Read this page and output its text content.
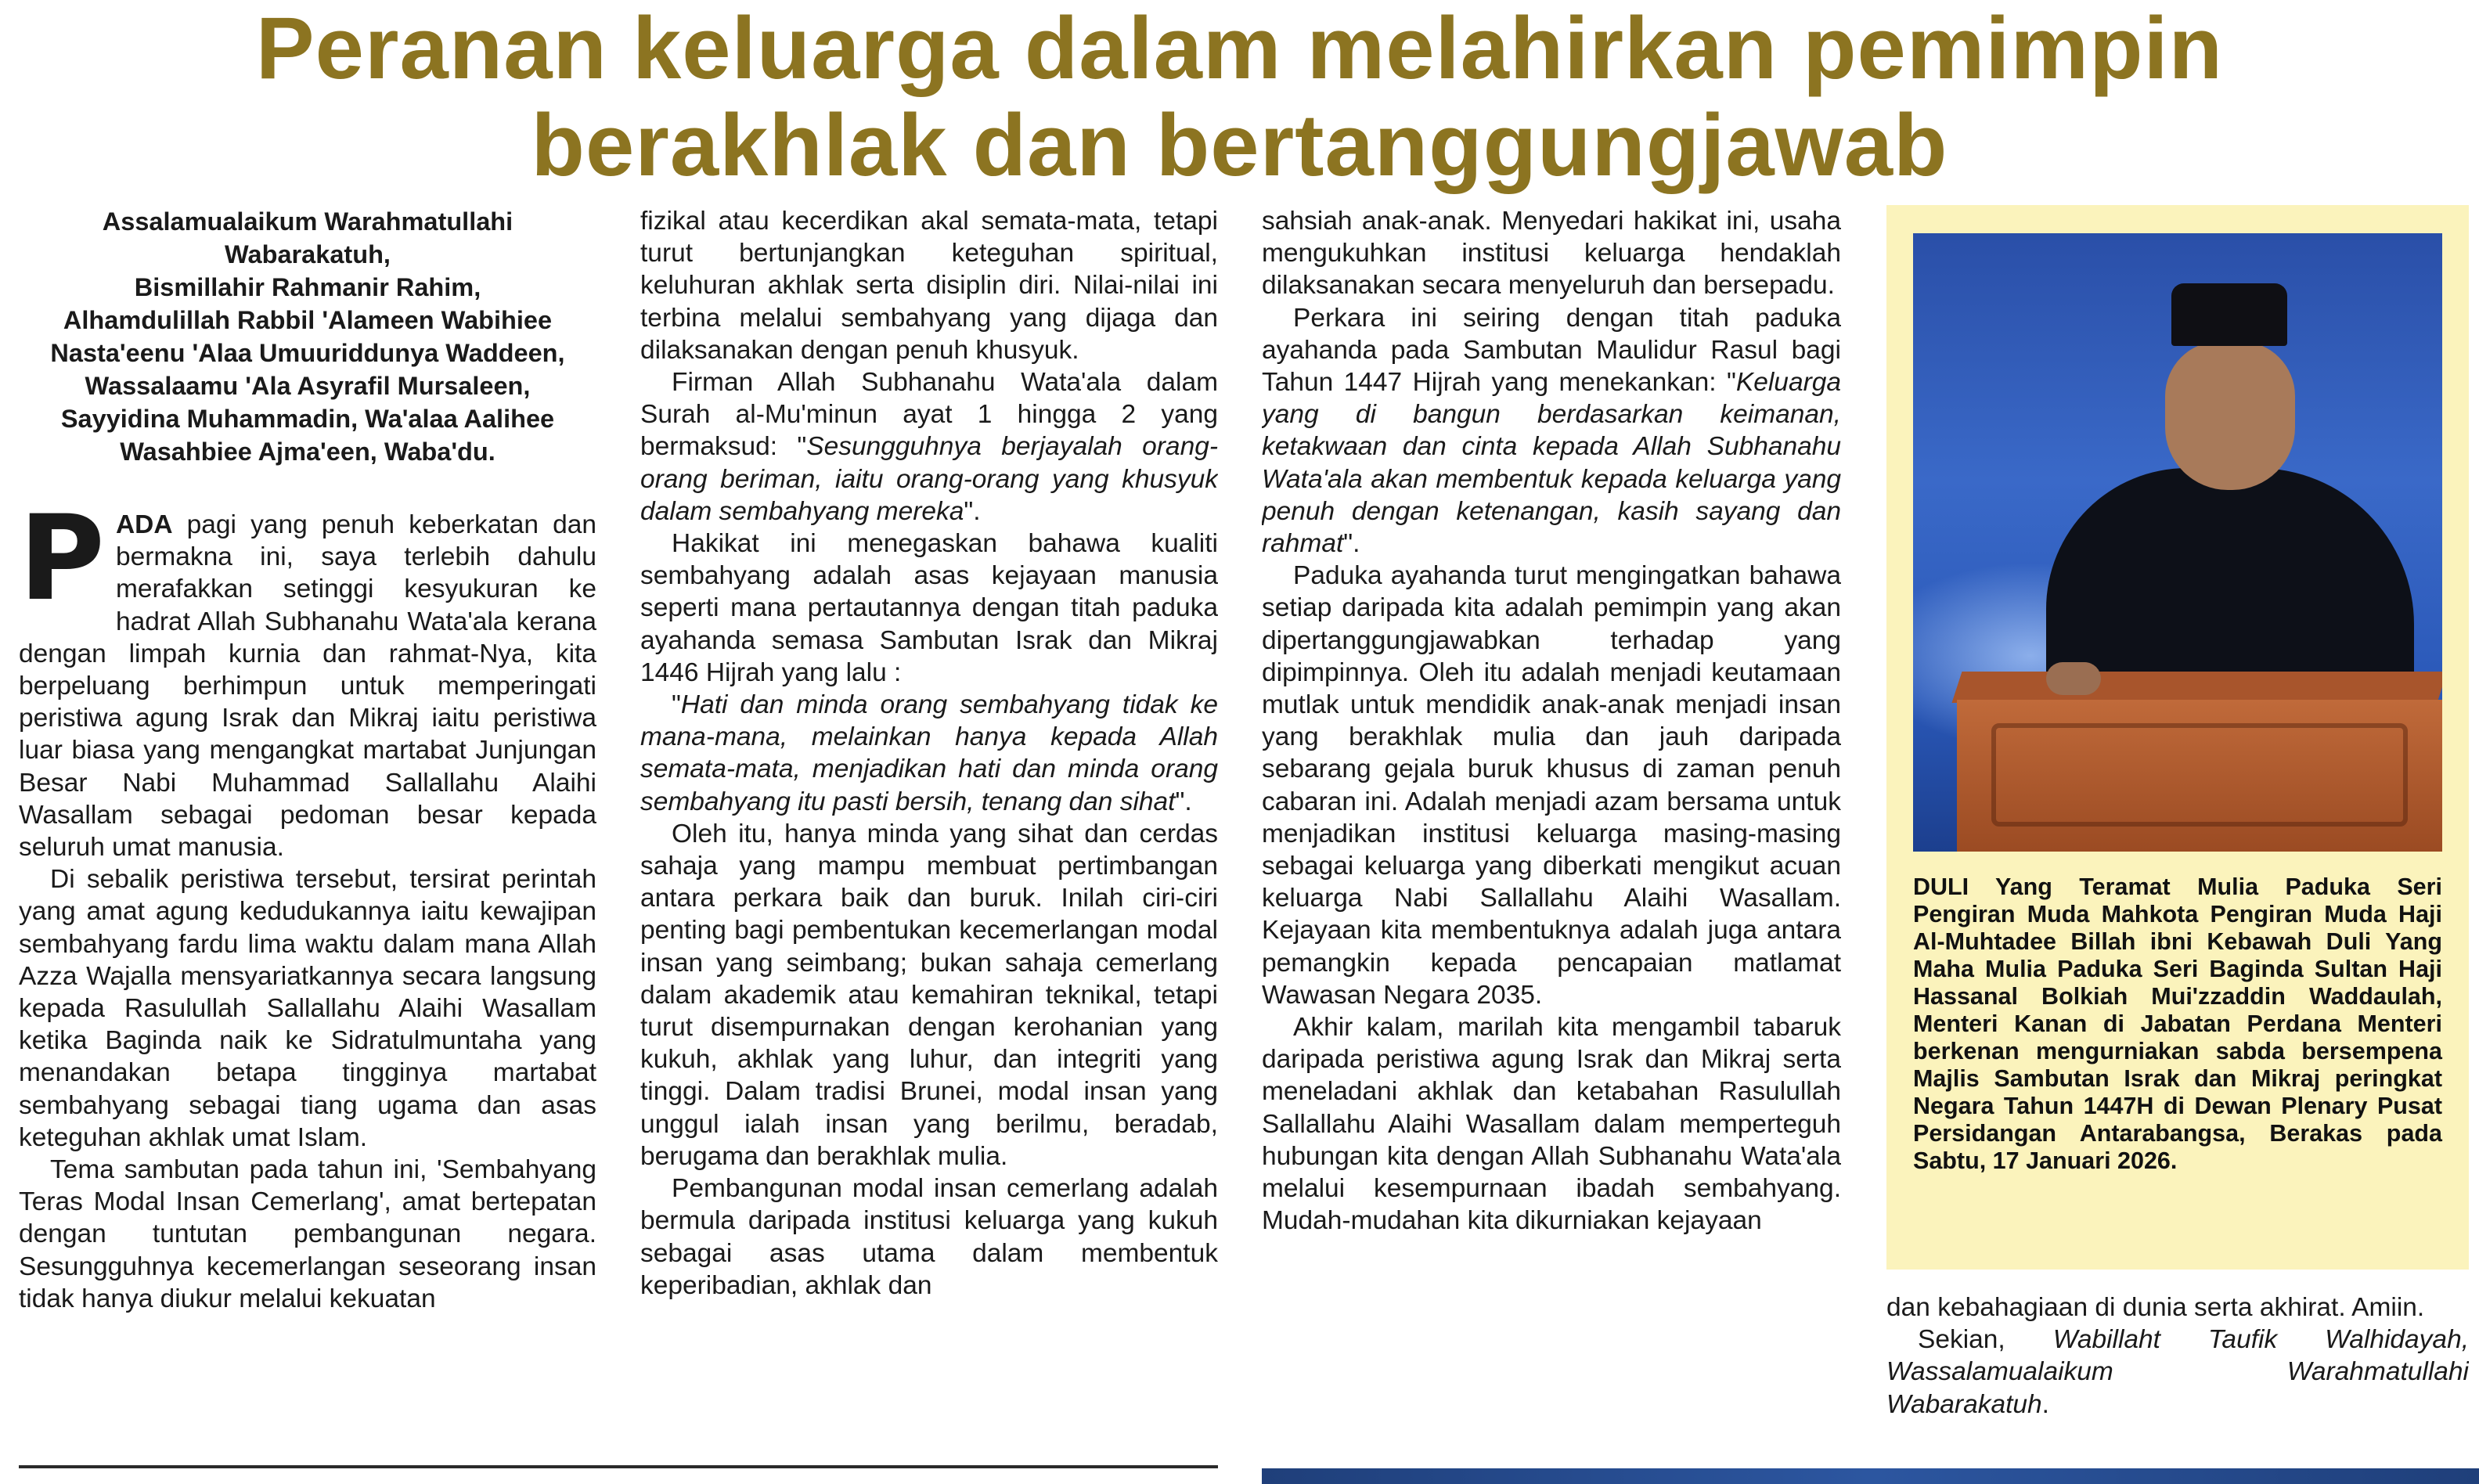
Peranan keluarga dalam melahirkan pemimpin
berakhlak dan bertanggungjawab
Assalamualaikum Warahmatullahi Wabarakatuh,
Bismillahir Rahmanir Rahim,
Alhamdulillah Rabbil 'Alameen Wabihiee Nasta'eenu 'Alaa Umuuriddunya Waddeen, Wassalaamu 'Ala Asyrafil Mursaleen, Sayyidina Muhammadin, Wa'alaa Aalihee Wasahbiee Ajma'een, Waba'du.

PADA pagi yang penuh keberkatan dan bermakna ini, saya terlebih dahulu merafakkan setinggi kesyukuran ke hadrat Allah Subhanahu Wata'ala kerana dengan limpah kurnia dan rahmat-Nya, kita berpeluang berhimpun untuk memperingati peristiwa agung Israk dan Mikraj iaitu peristiwa luar biasa yang mengangkat martabat Junjungan Besar Nabi Muhammad Sallallahu Alaihi Wasallam sebagai pedoman besar kepada seluruh umat manusia.

Di sebalik peristiwa tersebut, tersirat perintah yang amat agung kedudukannya iaitu kewajipan sembahyang fardu lima waktu dalam mana Allah Azza Wajalla mensyariatkannya secara langsung kepada Rasulullah Sallallahu Alaihi Wasallam ketika Baginda naik ke Sidratulmuntaha yang menandakan betapa tingginya martabat sembahyang sebagai tiang ugama dan asas keteguhan akhlak umat Islam.

Tema sambutan pada tahun ini, 'Sembahyang Teras Modal Insan Cemerlang', amat bertepatan dengan tuntutan pembangunan negara. Sesungguhnya kecemerlangan seseorang insan tidak hanya diukur melalui kekuatan

fizikal atau kecerdikan akal semata-mata, tetapi turut bertunjangkan keteguhan spiritual, keluhuran akhlak serta disiplin diri. Nilai-nilai ini terbina melalui sembahyang yang dijaga dan dilaksanakan dengan penuh khusyuk.

Firman Allah Subhanahu Wata'ala dalam Surah al-Mu'minun ayat 1 hingga 2 yang bermaksud: "Sesungguhnya berjayalah orang-orang beriman, iaitu orang-orang yang khusyuk dalam sembahyang mereka".

Hakikat ini menegaskan bahawa kualiti sembahyang adalah asas kejayaan manusia seperti mana pertautannya dengan titah paduka ayahanda semasa Sambutan Israk dan Mikraj 1446 Hijrah yang lalu :

"Hati dan minda orang sembahyang tidak ke mana-mana, melainkan hanya kepada Allah semata-mata, menjadikan hati dan minda orang sembahyang itu pasti bersih, tenang dan sihat".

Oleh itu, hanya minda yang sihat dan cerdas sahaja yang mampu membuat pertimbangan antara perkara baik dan buruk. Inilah ciri-ciri penting bagi pembentukan kecemerlangan modal insan yang seimbang; bukan sahaja cemerlang dalam akademik atau kemahiran teknikal, tetapi turut disempurnakan dengan kerohanian yang kukuh, akhlak yang luhur, dan integriti yang tinggi. Dalam tradisi Brunei, modal insan yang unggul ialah insan yang berilmu, beradab, berugama dan berakhlak mulia.

Pembangunan modal insan cemerlang adalah bermula daripada institusi keluarga yang kukuh sebagai asas utama dalam membentuk keperibadian, akhlak dan

sahsiah anak-anak. Menyedari hakikat ini, usaha mengukuhkan institusi keluarga hendaklah dilaksanakan secara menyeluruh dan bersepadu.

Perkara ini seiring dengan titah paduka ayahanda pada Sambutan Maulidur Rasul bagi Tahun 1447 Hijrah yang menekankan: "Keluarga yang di bangun berdasarkan keimanan, ketakwaan dan cinta kepada Allah Subhanahu Wata'ala akan membentuk kepada keluarga yang penuh dengan ketenangan, kasih sayang dan rahmat".

Paduka ayahanda turut mengingatkan bahawa setiap daripada kita adalah pemimpin yang akan dipertanggungjawabkan terhadap yang dipimpinnya. Oleh itu adalah menjadi keutamaan mutlak untuk mendidik anak-anak menjadi insan yang berakhlak mulia dan jauh daripada sebarang gejala buruk khusus di zaman penuh cabaran ini. Adalah menjadi azam bersama untuk menjadikan institusi keluarga masing-masing sebagai keluarga yang diberkati mengikut acuan keluarga Nabi Sallallahu Alaihi Wasallam. Kejayaan kita membentuknya adalah juga antara pemangkin kepada pencapaian matlamat Wawasan Negara 2035.

Akhir kalam, marilah kita mengambil tabaruk daripada peristiwa agung Israk dan Mikraj serta meneladani akhlak dan ketabahan Rasulullah Sallallahu Alaihi Wasallam dalam memperteguh hubungan kita dengan Allah Subhanahu Wata'ala melalui kesempurnaan ibadah sembahyang. Mudah-mudahan kita dikurniakan kejayaan

DULI Yang Teramat Mulia Paduka Seri Pengiran Muda Mahkota Pengiran Muda Haji Al-Muhtadee Billah ibni Kebawah Duli Yang Maha Mulia Paduka Seri Baginda Sultan Haji Hassanal Bolkiah Mui'zzaddin Waddaulah, Menteri Kanan di Jabatan Perdana Menteri berkenan mengurniakan sabda bersempena Majlis Sambutan Israk dan Mikraj peringkat Negara Tahun 1447H di Dewan Plenary Pusat Persidangan Antarabangsa, Berakas pada Sabtu, 17 Januari 2026.

dan kebahagiaan di dunia serta akhirat. Amiin.

Sekian, Wabillaht Taufik Walhidayah, Wassalamualaikum Warahmatullahi Wabarakatuh.
